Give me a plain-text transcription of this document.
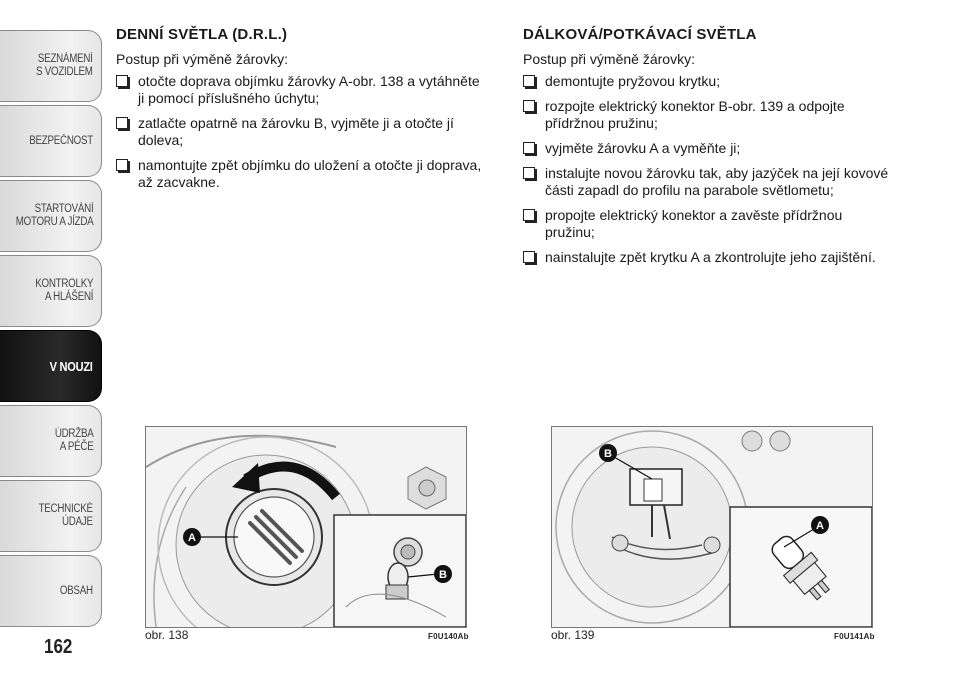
SEZNÁMENÍ
S VOZIDLEM
BEZPEČNOST
STARTOVÁNÍ
MOTORU A JÍZDA
KONTROLKY
A HLÁŠENÍ
V NOUZI
ÚDRŽBA
A PÉČE
TECHNICKÉ
ÚDAJE
OBSAH
162
DENNÍ SVĚTLA (D.R.L.)

Postup při výměně žárovky:

otočte doprava objímku žárovky A-obr. 138 a vytáhněte ji pomocí příslušného úchytu;
zatlačte opatrně na žárovku B, vyjměte ji a otočte jí doleva;
namontujte zpět objímku do uložení a otočte ji doprava, až zacvakne.
DÁLKOVÁ/POTKÁVACÍ SVĚTLA

Postup při výměně žárovky:

demontujte pryžovou krytku;
rozpojte elektrický konektor B-obr. 139 a odpojte přídržnou pružinu;
vyjměte žárovku A a vyměňte ji;
instalujte novou žárovku tak, aby jazýček na její kovové části zapadl do profilu na parabole světlometu;
propojte elektrický konektor a zavěste přídržnou pružinu;
nainstalujte zpět krytku A a zkontrolujte jeho zajištění.
A
B
obr. 138	F0U140Ab
B
A
obr. 139	F0U141Ab
